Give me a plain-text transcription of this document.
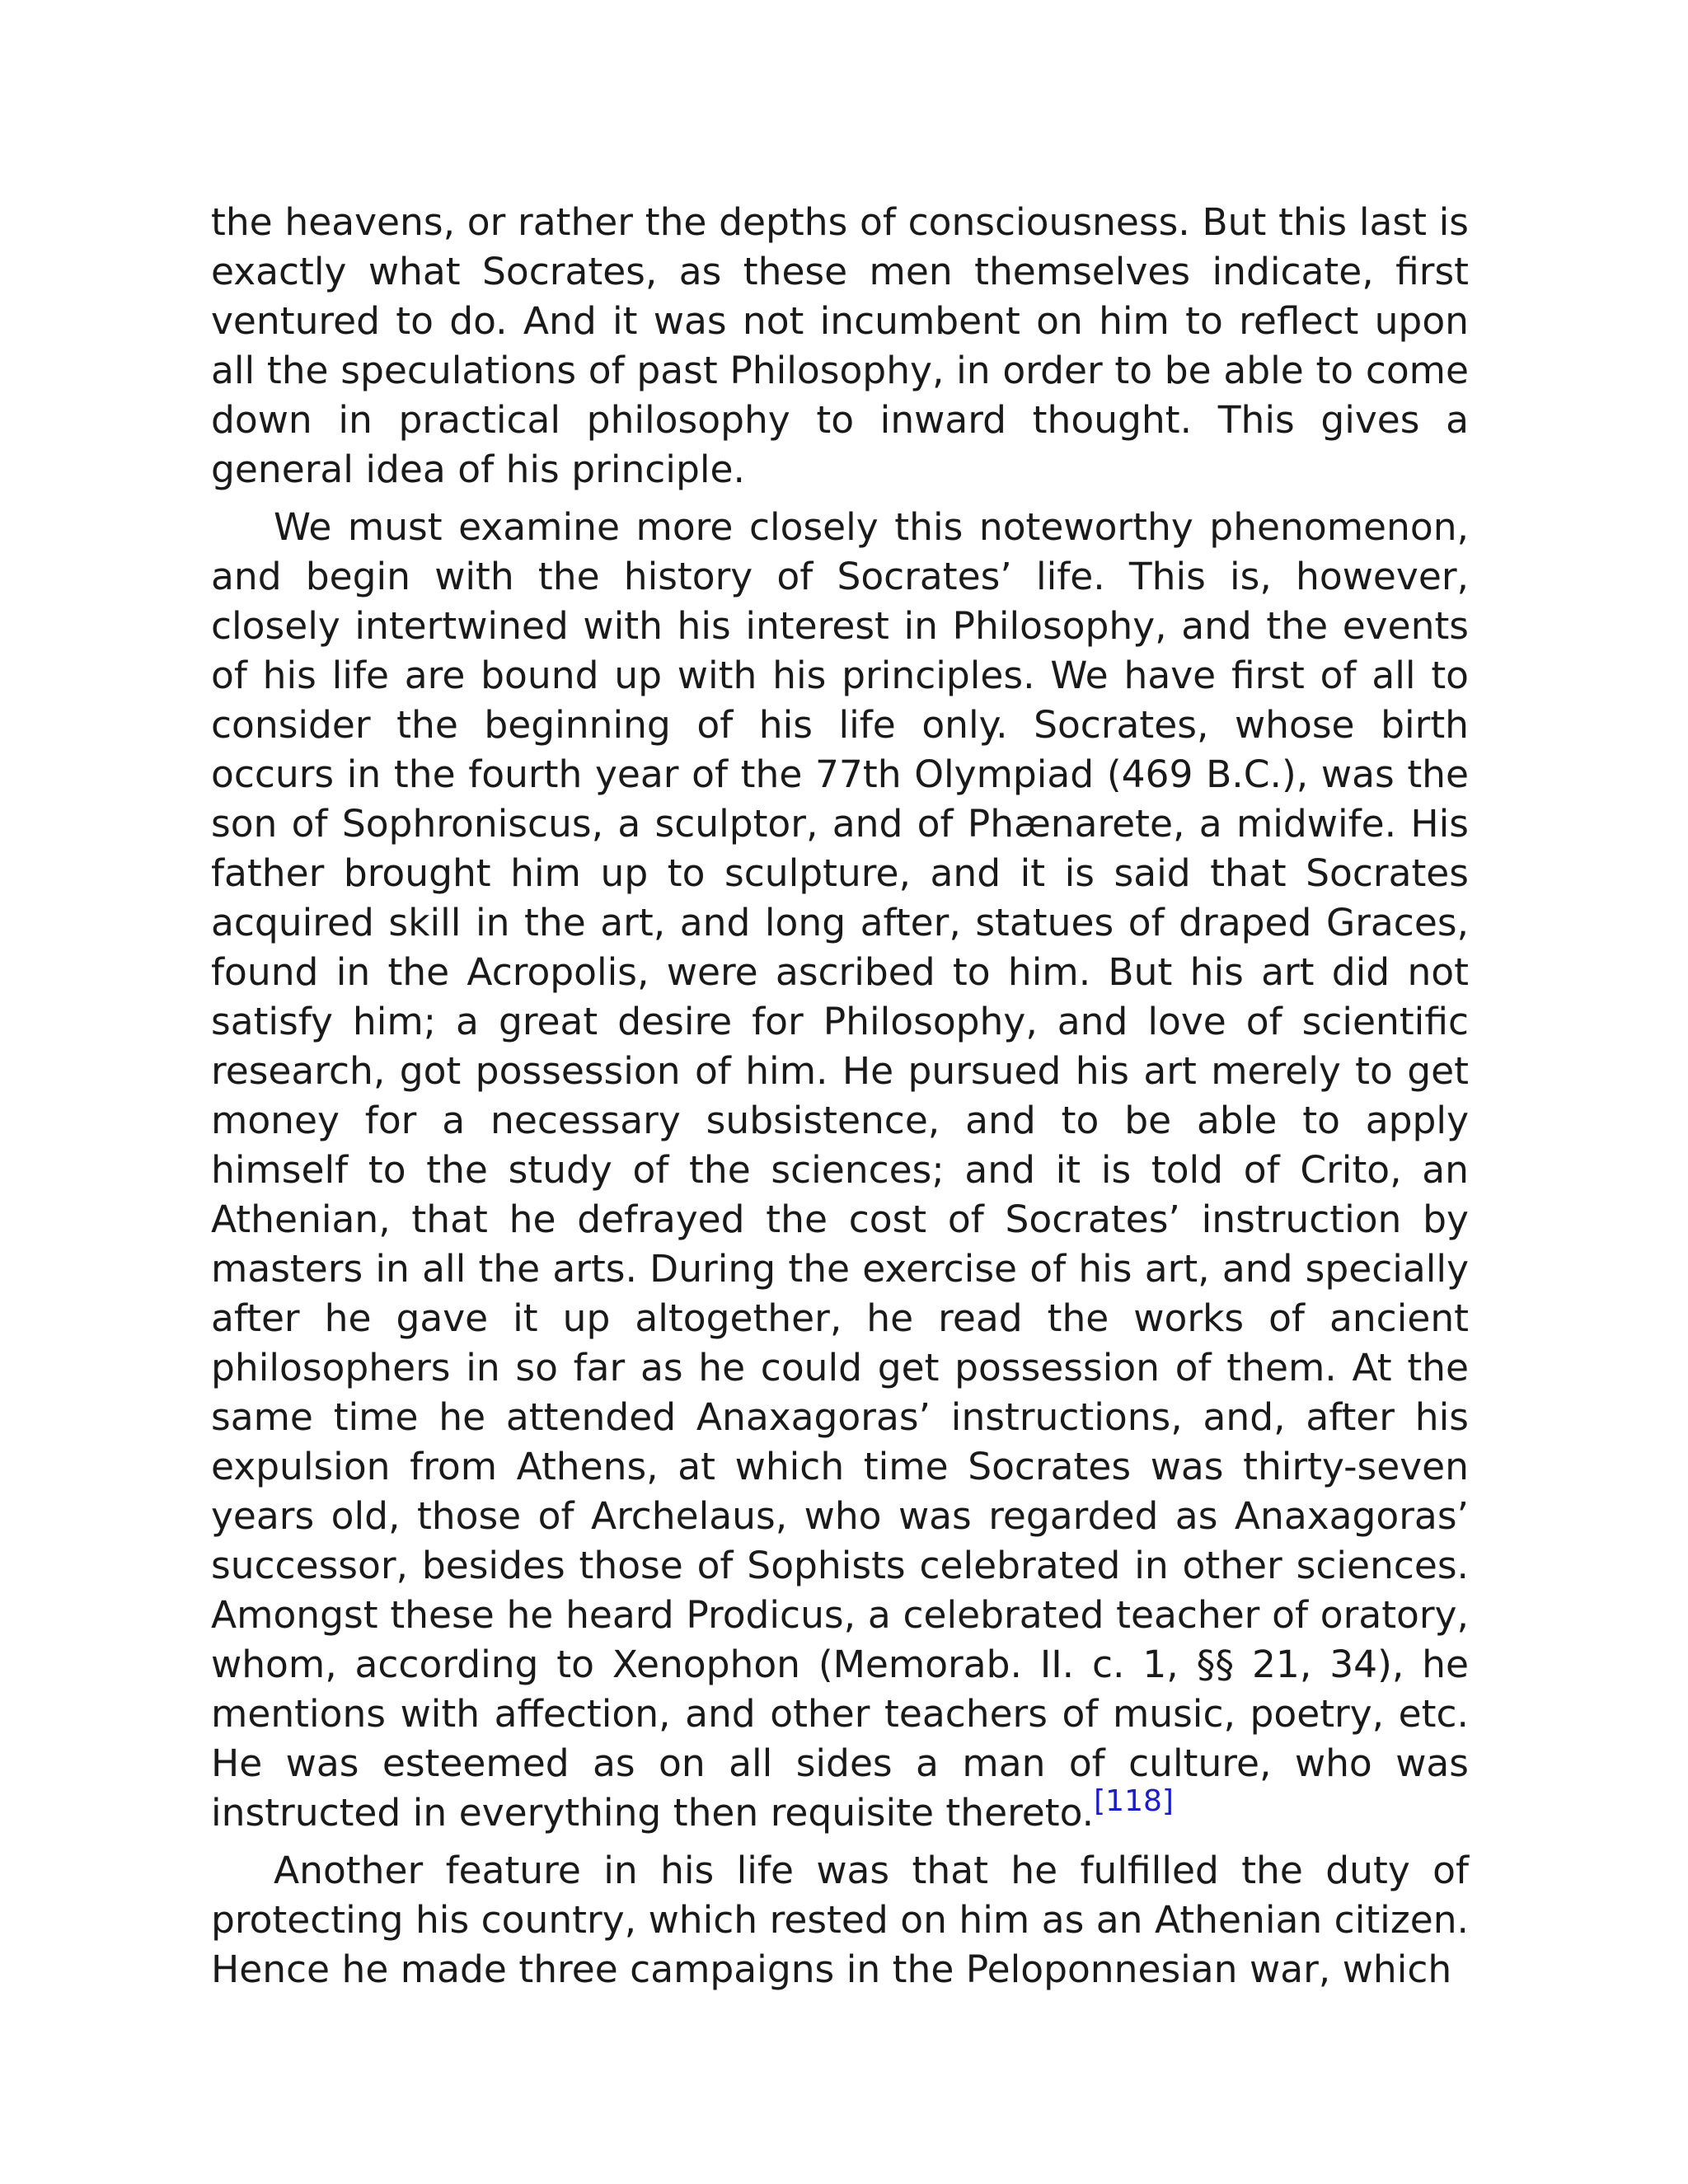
the heavens, or rather the depths of consciousness. But this last is exactly what Socrates, as these men themselves indicate, first ventured to do. And it was not incumbent on him to reflect upon all the speculations of past Philosophy, in order to be able to come down in practical philosophy to inward thought. This gives a general idea of his principle.

We must examine more closely this noteworthy phenomenon, and begin with the history of Socrates’ life. This is, however, closely intertwined with his interest in Philosophy, and the events of his life are bound up with his principles. We have first of all to consider the beginning of his life only. Socrates, whose birth occurs in the fourth year of the 77th Olympiad (469 B.C.), was the son of Sophroniscus, a sculptor, and of Phænarete, a midwife. His father brought him up to sculpture, and it is said that Socrates acquired skill in the art, and long after, statues of draped Graces, found in the Acropolis, were ascribed to him. But his art did not satisfy him; a great desire for Philosophy, and love of scientific research, got possession of him. He pursued his art merely to get money for a necessary subsistence, and to be able to apply himself to the study of the sciences; and it is told of Crito, an Athenian, that he defrayed the cost of Socrates’ instruction by masters in all the arts. During the exercise of his art, and specially after he gave it up altogether, he read the works of ancient philosophers in so far as he could get possession of them. At the same time he attended Anaxagoras’ instructions, and, after his expulsion from Athens, at which time Socrates was thirty-seven years old, those of Archelaus, who was regarded as Anaxagoras’ successor, besides those of Sophists celebrated in other sciences. Amongst these he heard Prodicus, a celebrated teacher of oratory, whom, according to Xenophon (Memorab. II. c. 1, §§ 21, 34), he mentions with affection, and other teachers of music, poetry, etc. He was esteemed as on all sides a man of culture, who was instructed in everything then requisite thereto.[118]

Another feature in his life was that he fulfilled the duty of protecting his country, which rested on him as an Athenian citizen. Hence he made three campaigns in the Peloponnesian war, which
